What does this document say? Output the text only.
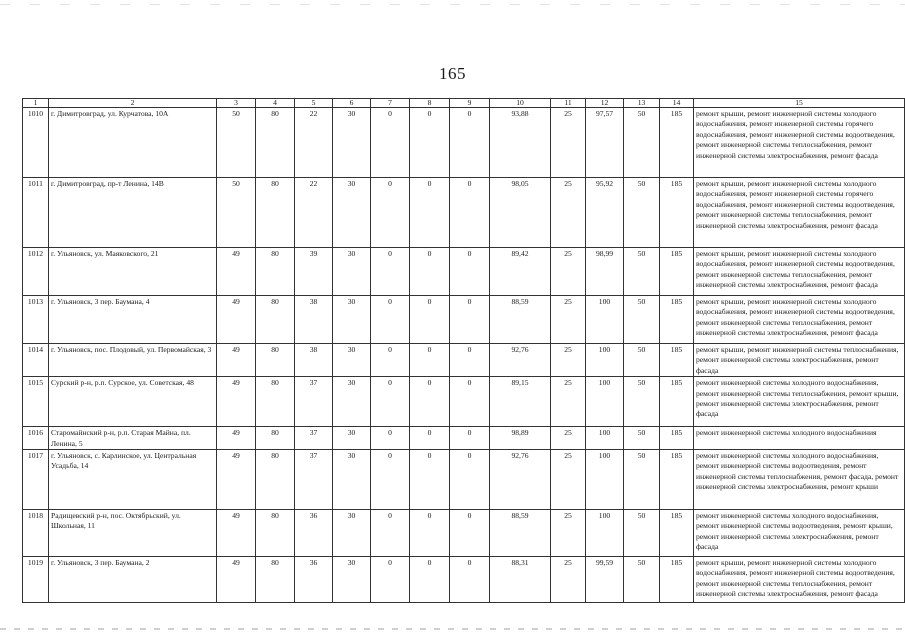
165
1	2	3	4	5	6	7	8	9	10	11	12	13	14	15
1010	г. Димитровград, ул. Курчатова, 10А	50	80	22	30	0	0	0	93,88	25	97,57	50	185	ремонт крыши, ремонт инженерной системы холодного водоснабжения, ремонт инженерной системы горячего водоснабжения, ремонт инженерной системы водоотведения, ремонт инженерной системы теплоснабжения, ремонт инженерной системы электроснабжения, ремонт фасада
1011	г. Димитровград, пр-т Ленина, 14В	50	80	22	30	0	0	0	98,05	25	95,92	50	185	ремонт крыши, ремонт инженерной системы холодного водоснабжения, ремонт инженерной системы горячего водоснабжения, ремонт инженерной системы водоотведения, ремонт инженерной системы теплоснабжения, ремонт инженерной системы электроснабжения, ремонт фасада
1012	г. Ульяновск, ул. Маяковского, 21	49	80	39	30	0	0	0	89,42	25	98,99	50	185	ремонт крыши, ремонт инженерной системы холодного водоснабжения, ремонт инженерной системы водоотведения, ремонт инженерной системы теплоснабжения, ремонт инженерной системы электроснабжения, ремонт фасада
1013	г. Ульяновск, 3 пер. Баумана, 4	49	80	38	30	0	0	0	88,59	25	100	50	185	ремонт крыши, ремонт инженерной системы холодного водоснабжения, ремонт инженерной системы водоотведения, ремонт инженерной системы теплоснабжения, ремонт инженерной системы электроснабжения, ремонт фасада
1014	г. Ульяновск, пос. Плодовый, ул. Первомайская, 3	49	80	38	30	0	0	0	92,76	25	100	50	185	ремонт крыши, ремонт инженерной системы теплоснабжения, ремонт инженерной системы электроснабжения, ремонт фасада
1015	Сурский р-н, р.п. Сурское, ул. Советская, 48	49	80	37	30	0	0	0	89,15	25	100	50	185	ремонт инженерной системы холодного водоснабжения, ремонт инженерной системы теплоснабжения, ремонт крыши, ремонт инженерной системы электроснабжения, ремонт фасада
1016	Старомайнский р-н, р.п. Старая Майна, пл. Ленина, 5	49	80	37	30	0	0	0	98,89	25	100	50	185	ремонт инженерной системы холодного водоснабжения
1017	г. Ульяновск, с. Карлинское, ул. Центральная Усадьба, 14	49	80	37	30	0	0	0	92,76	25	100	50	185	ремонт инженерной системы холодного водоснабжения, ремонт инженерной системы водоотведения, ремонт инженерной системы теплоснабжения, ремонт фасада, ремонт инженерной системы электроснабжения, ремонт крыши
1018	Радищевский р-н, пос. Октябрьский, ул. Школьная, 11	49	80	36	30	0	0	0	88,59	25	100	50	185	ремонт инженерной системы холодного водоснабжения, ремонт инженерной системы водоотведения, ремонт крыши, ремонт инженерной системы электроснабжения, ремонт фасада
1019	г. Ульяновск, 3 пер. Баумана, 2	49	80	36	30	0	0	0	88,31	25	99,59	50	185	ремонт крыши, ремонт инженерной системы холодного водоснабжения, ремонт инженерной системы водоотведения, ремонт инженерной системы теплоснабжения, ремонт инженерной системы электроснабжения, ремонт фасада
